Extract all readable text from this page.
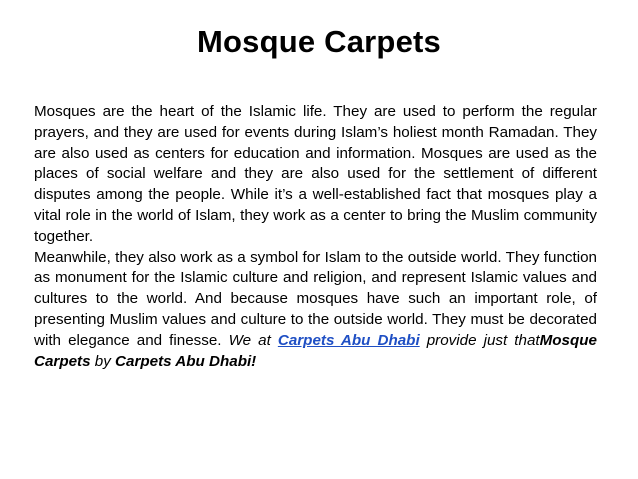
Mosque Carpets

Mosques are the heart of the Islamic life. They are used to perform the regular prayers, and they are used for events during Islam’s holiest month Ramadan. They are also used as centers for education and information. Mosques are used as the places of social welfare and they are also used for the settlement of different disputes among the people. While it’s a well-established fact that mosques play a vital role in the world of Islam, they work as a center to bring the Muslim community together.

Meanwhile, they also work as a symbol for Islam to the outside world. They function as monument for the Islamic culture and religion, and represent Islamic values and cultures to the world. And because mosques have such an important role, of presenting Muslim values and culture to the outside world. They must be decorated with elegance and finesse. We at Carpets Abu Dhabi provide just thatMosque Carpets by Carpets Abu Dhabi!
